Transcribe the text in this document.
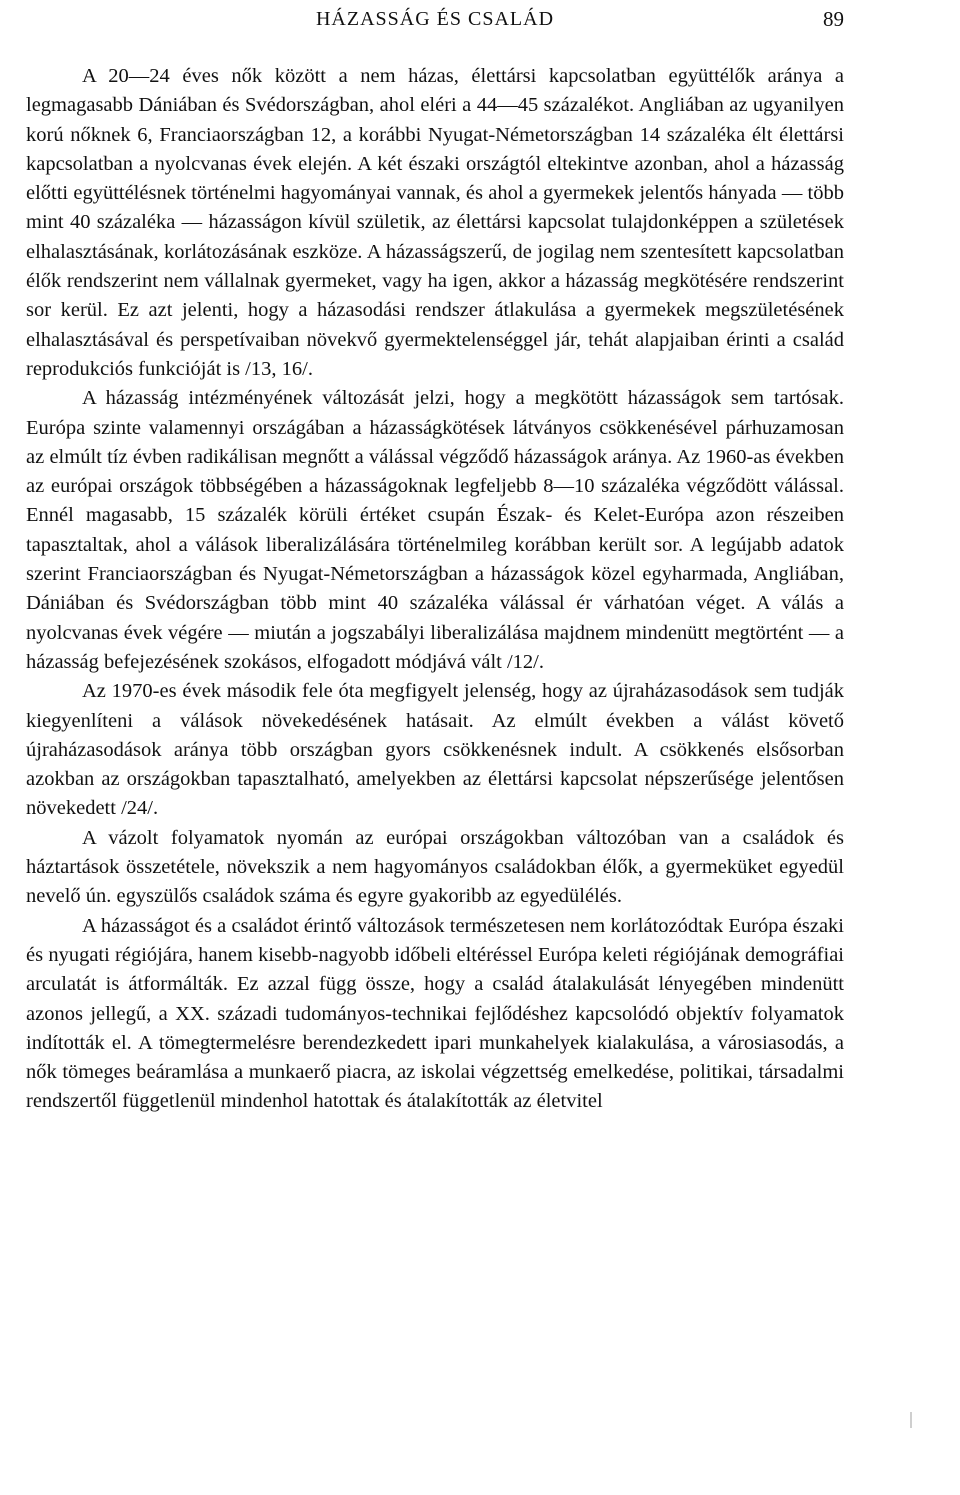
HÁZASSÁG ÉS CSALÁD	89

A 20—24 éves nők között a nem házas, élettársi kapcsolatban együttélők aránya a legmagasabb Dániában és Svédországban, ahol eléri a 44—45 százalékot. Angliában az ugyanilyen korú nőknek 6, Franciaországban 12, a korábbi Nyugat-Németországban 14 százaléka élt élettársi kapcsolatban a nyolcvanas évek elején. A két északi országtól eltekintve azonban, ahol a házasság előtti együttélésnek történelmi hagyományai vannak, és ahol a gyermekek jelentős hányada — több mint 40 százaléka — házasságon kívül születik, az élettársi kapcsolat tulajdonképpen a születések elhalasztásának, korlátozásának eszköze. A házasságszerű, de jogilag nem szentesített kapcsolatban élők rendszerint nem vállalnak gyermeket, vagy ha igen, akkor a házasság megkötésére rendszerint sor kerül. Ez azt jelenti, hogy a házasodási rendszer átlakulása a gyermekek megszületésének elhalasztásával és perspetívaiban növekvő gyermektelenséggel jár, tehát alapjaiban érinti a család reprodukciós funkcióját is /13, 16/.

A házasság intézményének változását jelzi, hogy a megkötött házasságok sem tartósak. Európa szinte valamennyi országában a házasságkötések látványos csökkenésével párhuzamosan az elmúlt tíz évben radikálisan megnőtt a válással végződő házasságok aránya. Az 1960-as években az európai országok többségében a házasságoknak legfeljebb 8—10 százaléka végződött válással. Ennél magasabb, 15 százalék körüli értéket csupán Észak- és Kelet-Európa azon részeiben tapasztaltak, ahol a válások liberalizálására történelmileg korábban került sor. A legújabb adatok szerint Franciaországban és Nyugat-Németországban a házasságok közel egyharmada, Angliában, Dániában és Svédországban több mint 40 százaléka válással ér várhatóan véget. A válás a nyolcvanas évek végére — miután a jogszabályi liberalizálása majdnem mindenütt megtörtént — a házasság befejezésének szokásos, elfogadott módjává vált /12/.

Az 1970-es évek második fele óta megfigyelt jelenség, hogy az újraházasodások sem tudják kiegyenlíteni a válások növekedésének hatásait. Az elmúlt években a válást követő újraházasodások aránya több országban gyors csökkenésnek indult. A csökkenés elsősorban azokban az országokban tapasztalható, amelyekben az élettársi kapcsolat népszerűsége jelentősen növekedett /24/.

A vázolt folyamatok nyomán az európai országokban változóban van a családok és háztartások összetétele, növekszik a nem hagyományos családokban élők, a gyermeküket egyedül nevelő ún. egyszülős családok száma és egyre gyakoribb az egyedülélés.

A házasságot és a családot érintő változások természetesen nem korlátozódtak Európa északi és nyugati régiójára, hanem kisebb-nagyobb időbeli eltéréssel Európa keleti régiójának demográfiai arculatát is átformálták. Ez azzal függ össze, hogy a család átalakulását lényegében mindenütt azonos jellegű, a XX. századi tudományos-technikai fejlődéshez kapcsolódó objektív folyamatok indították el. A tömegtermelésre berendezkedett ipari munkahelyek kialakulása, a városiasodás, a nők tömeges beáramlása a munkaerő piacra, az iskolai végzettség emelkedése, politikai, társadalmi rendszertől függetlenül mindenhol hatottak és átalakították az életvitel
